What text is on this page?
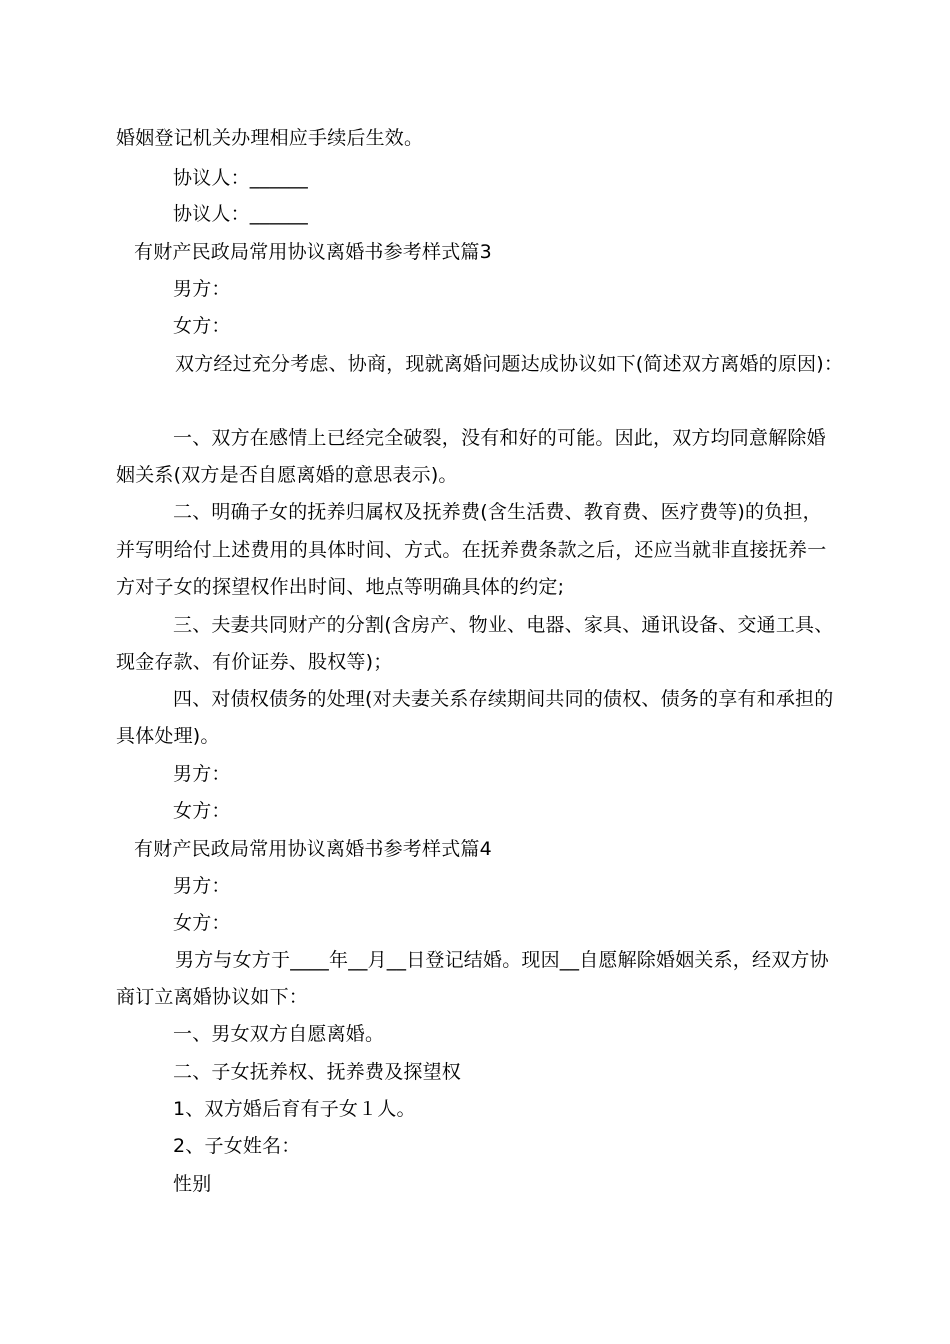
婚姻登记机关办理相应手续后生效。
协议人：______
协议人：______
有财产民政局常用协议离婚书参考样式篇3
男方：
女方：
双方经过充分考虑、协商，现就离婚问题达成协议如下(简述双方离婚的原因)：
一、双方在感情上已经完全破裂，没有和好的可能。因此，双方均同意解除婚
姻关系(双方是否自愿离婚的意思表示)。
二、明确子女的抚养归属权及抚养费(含生活费、教育费、医疗费等)的负担，
并写明给付上述费用的具体时间、方式。在抚养费条款之后，还应当就非直接抚养一
方对子女的探望权作出时间、地点等明确具体的约定;
三、夫妻共同财产的分割(含房产、物业、电器、家具、通讯设备、交通工具、
现金存款、有价证券、股权等)；
四、对债权债务的处理(对夫妻关系存续期间共同的债权、债务的享有和承担的
具体处理)。
男方：
女方：
有财产民政局常用协议离婚书参考样式篇4
男方：
女方：
男方与女方于____年__月__日登记结婚。现因__自愿解除婚姻关系，经双方协
商订立离婚协议如下：
一、男女双方自愿离婚。
二、子女抚养权、抚养费及探望权
1、双方婚后育有子女１人。
2、子女姓名：
性别
